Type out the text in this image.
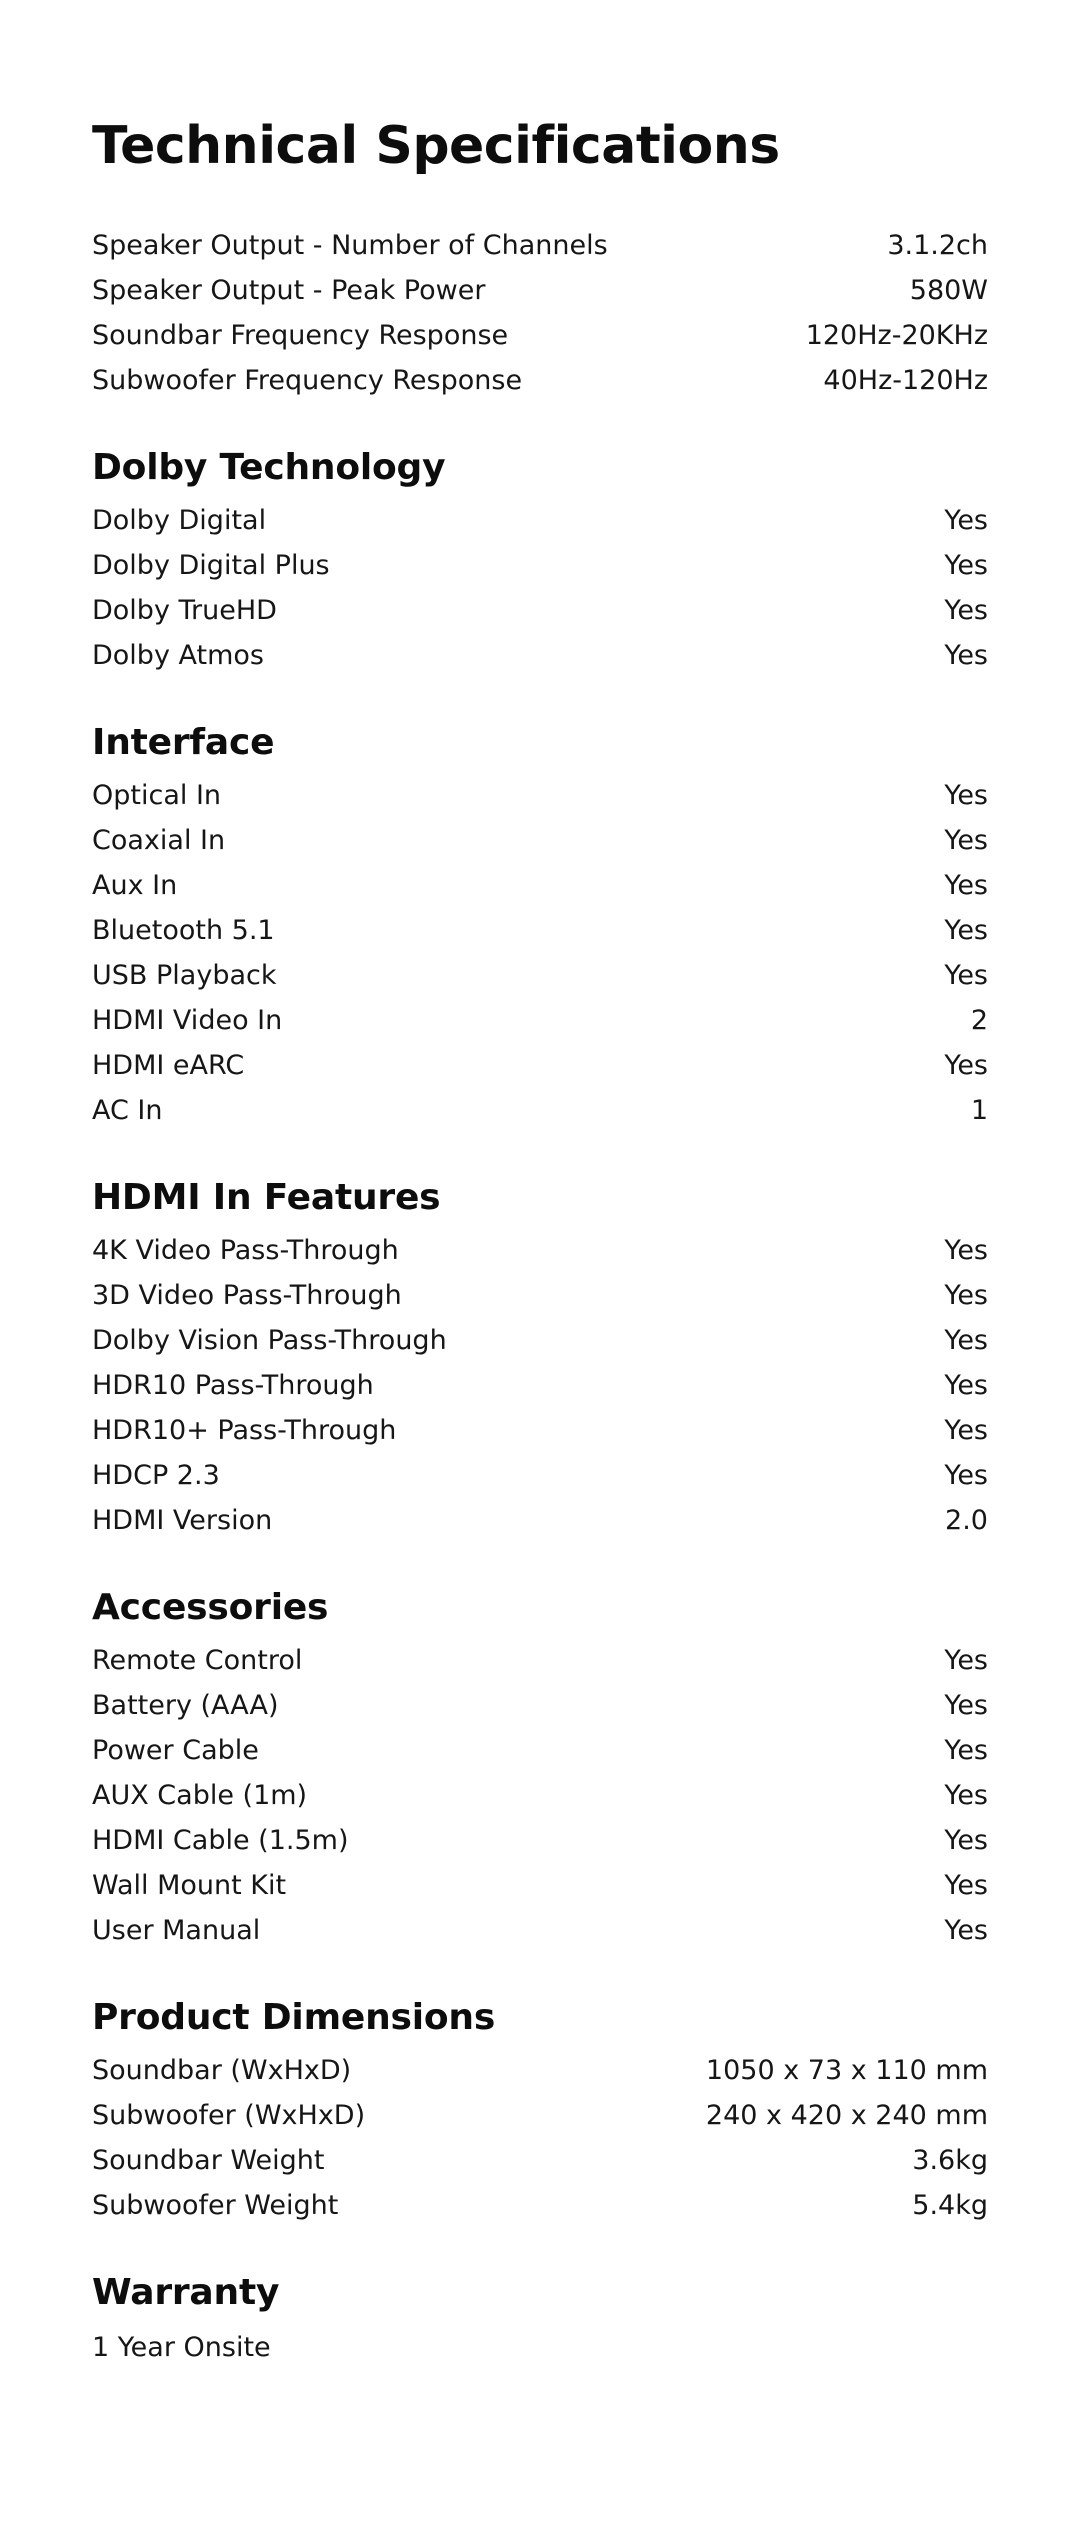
Technical Specifications
Speaker Output - Number of Channels	3.1.2ch
Speaker Output - Peak Power	580W
Soundbar Frequency Response	120Hz-20KHz
Subwoofer Frequency Response	40Hz-120Hz
Dolby Technology
Dolby Digital	Yes
Dolby Digital Plus	Yes
Dolby TrueHD	Yes
Dolby Atmos	Yes
Interface
Optical In	Yes
Coaxial In	Yes
Aux In	Yes
Bluetooth 5.1	Yes
USB Playback	Yes
HDMI Video In	2
HDMI eARC	Yes
AC In	1
HDMI In Features
4K Video Pass-Through	Yes
3D Video Pass-Through	Yes
Dolby Vision Pass-Through	Yes
HDR10 Pass-Through	Yes
HDR10+ Pass-Through	Yes
HDCP 2.3	Yes
HDMI Version	2.0
Accessories
Remote Control	Yes
Battery (AAA)	Yes
Power Cable	Yes
AUX Cable (1m)	Yes
HDMI Cable (1.5m)	Yes
Wall Mount Kit	Yes
User Manual	Yes
Product Dimensions
Soundbar (WxHxD)	1050 x 73 x 110 mm
Subwoofer (WxHxD)	240 x 420 x 240 mm
Soundbar Weight	3.6kg
Subwoofer Weight	5.4kg
Warranty
1 Year Onsite
